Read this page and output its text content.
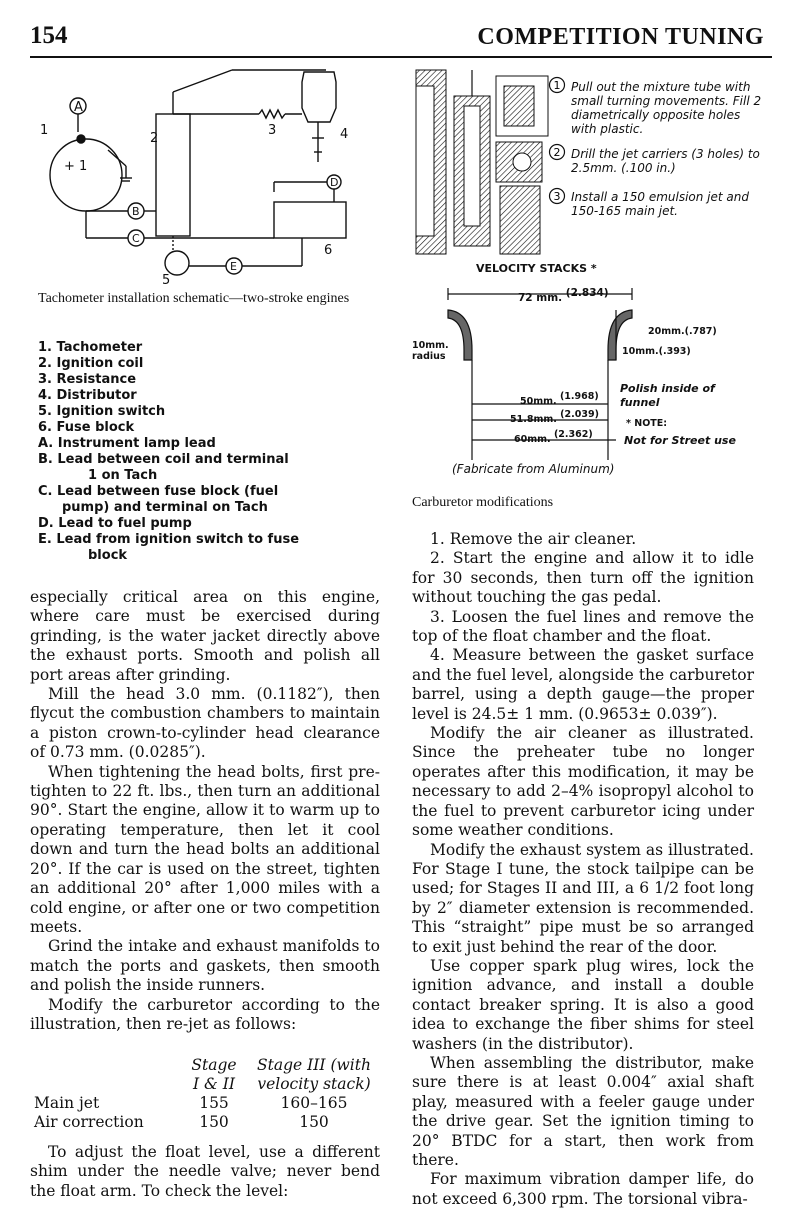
154	COMPETITION TUNING
A
1
2
3	4
B
C
D
E
5
6
+ 1
Tachometer installation schematic—two-stroke engines
1. Tachometer
2. Ignition coil
3. Resistance
4. Distributor
5. Ignition switch
6. Fuse block
A. Instrument lamp lead
B. Lead between coil and terminal
1 on Tach
C. Lead between fuse block (fuel
pump) and terminal on Tach
D. Lead to fuel pump
E. Lead from ignition switch to fuse
block
1
2
3
Pull out the mixture tube with small turning movements. Fill 2 diametrically opposite holes with plastic.
Drill the jet carriers (3 holes) to 2.5mm. (.100 in.)
Install a 150 emulsion jet and 150-165 main jet.
VELOCITY STACKS *
72 mm. (2.834)
10mm.
radius
20mm.(.787)
10mm.(.393)
Polish inside of funnel
50mm. (1.968)
51.8mm. (2.039)
60mm. (2.362)
* NOTE:
Not for Street use
(Fabricate from Aluminum)
Carburetor modifications

especially critical area on this engine, where care must be exercised during grinding, is the water jacket directly above the exhaust ports. Smooth and polish all port areas after grinding.

Mill the head 3.0 mm. (0.1182″), then flycut the combustion chambers to maintain a piston crown-to-cylinder head clearance of 0.73 mm. (0.0285″).

When tightening the head bolts, first pre-tighten to 22 ft. lbs., then turn an additional 90°. Start the engine, allow it to warm up to operating temperature, then let it cool down and turn the head bolts an additional 20°. If the car is used on the street, tighten an additional 20° after 1,000 miles with a cold engine, or after one or two competition meets.

Grind the intake and exhaust manifolds to match the ports and gaskets, then smooth and polish the inside runners.

Modify the carburetor according to the illustration, then re-jet as follows:

	Stage	Stage III (with
	I & II	velocity stack)
Main jet	155	160–165
Air correction	150	150

To adjust the float level, use a different shim under the needle valve; never bend the float arm. To check the level:

1. Remove the air cleaner.

2. Start the engine and allow it to idle for 30 seconds, then turn off the ignition without touching the gas pedal.

3. Loosen the fuel lines and remove the top of the float chamber and the float.

4. Measure between the gasket surface and the fuel level, alongside the carburetor barrel, using a depth gauge—the proper level is 24.5± 1 mm. (0.9653± 0.039″).

Modify the air cleaner as illustrated. Since the preheater tube no longer operates after this modification, it may be necessary to add 2–4% isopropyl alcohol to the fuel to prevent carburetor icing under some weather conditions.

Modify the exhaust system as illustrated. For Stage I tune, the stock tailpipe can be used; for Stages II and III, a 6 1/2 foot long by 2″ diameter extension is recommended. This “straight” pipe must be so arranged to exit just behind the rear of the door.

Use copper spark plug wires, lock the ignition advance, and install a double contact breaker spring. It is also a good idea to exchange the fiber shims for steel washers (in the distributor).

When assembling the distributor, make sure there is at least 0.004″ axial shaft play, measured with a feeler gauge under the drive gear. Set the ignition timing to 20° BTDC for a start, then work from there.

For maximum vibration damper life, do not exceed 6,300 rpm. The torsional vibra-
